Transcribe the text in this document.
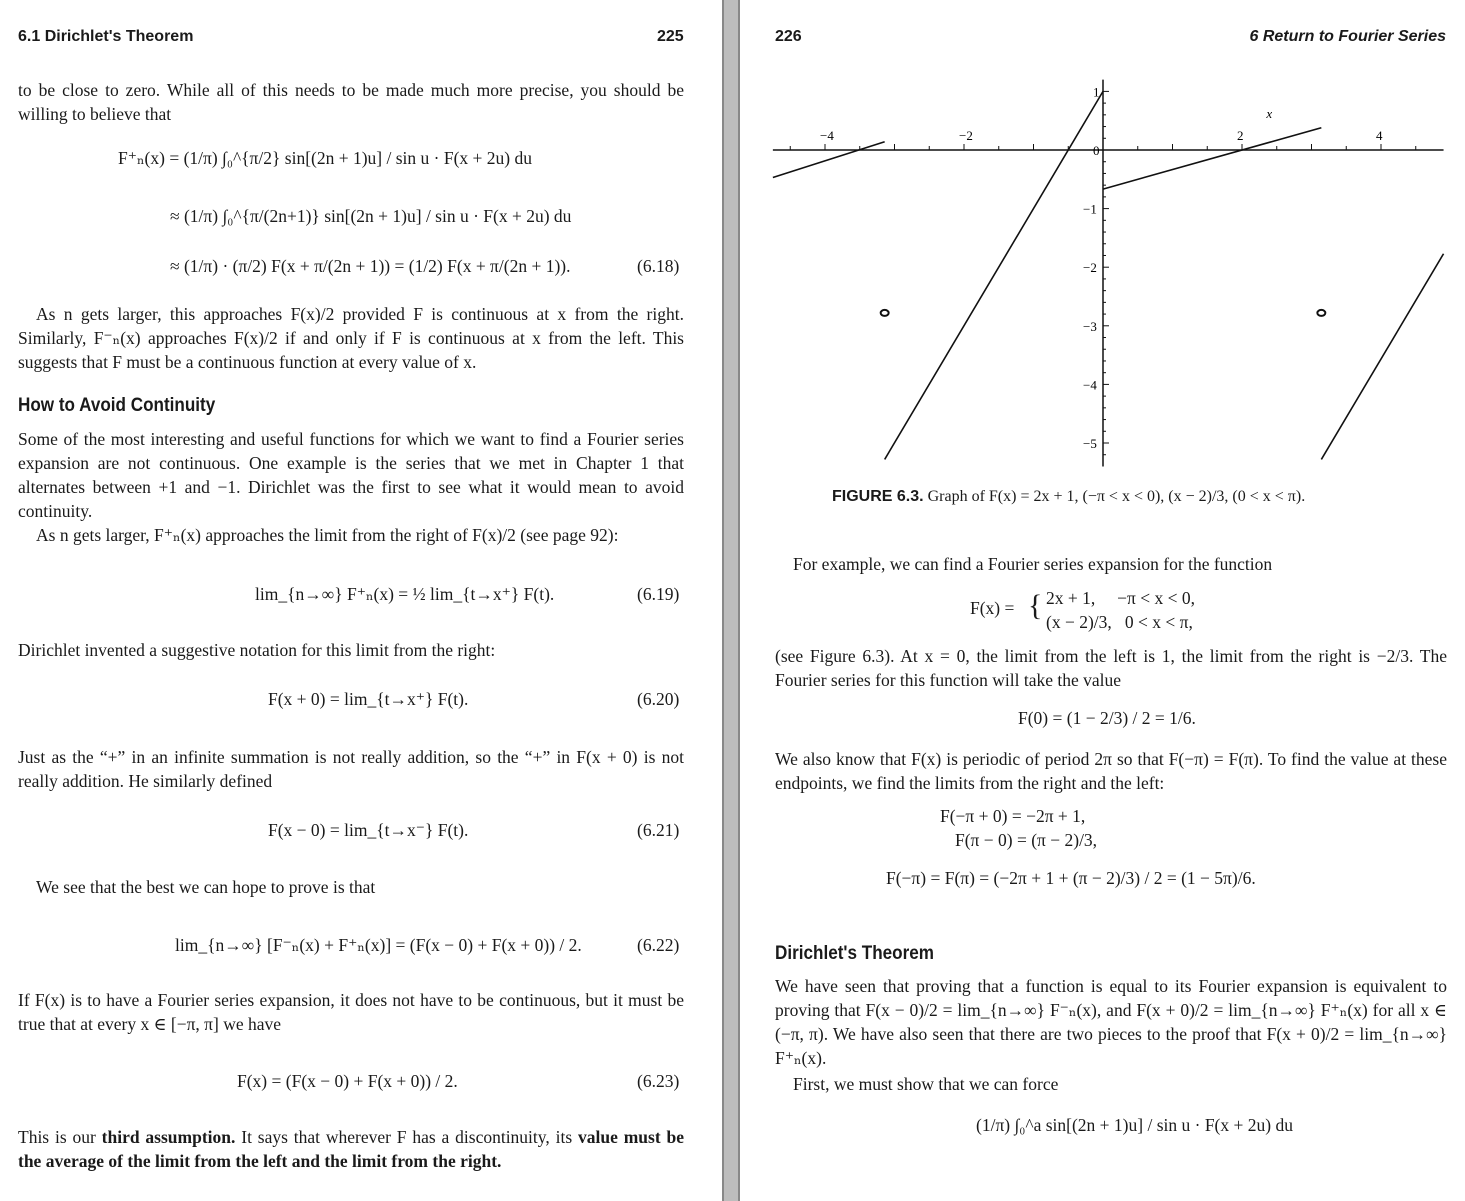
6.1 Dirichlet's Theorem	225
to be close to zero. While all of this needs to be made much more precise, you should be willing to believe that
F⁺ₙ(x) = (1/π) ∫₀^{π/2} sin[(2n + 1)u] / sin u · F(x + 2u) du
≈ (1/π) ∫₀^{π/(2n+1)} sin[(2n + 1)u] / sin u · F(x + 2u) du
≈ (1/π) · (π/2) F(x + π/(2n + 1)) = (1/2) F(x + π/(2n + 1)).	(6.18)
As n gets larger, this approaches F(x)/2 provided F is continuous at x from the right. Similarly, F⁻ₙ(x) approaches F(x)/2 if and only if F is continuous at x from the left. This suggests that F must be a continuous function at every value of x.
How to Avoid Continuity
Some of the most interesting and useful functions for which we want to find a Fourier series expansion are not continuous. One example is the series that we met in Chapter 1 that alternates between +1 and −1. Dirichlet was the first to see what it would mean to avoid continuity.
As n gets larger, F⁺ₙ(x) approaches the limit from the right of F(x)/2 (see page 92):
lim_{n→∞} F⁺ₙ(x) = ½ lim_{t→x⁺} F(t).	(6.19)
Dirichlet invented a suggestive notation for this limit from the right:
F(x + 0) = lim_{t→x⁺} F(t).	(6.20)
Just as the “+” in an infinite summation is not really addition, so the “+” in F(x + 0) is not really addition. He similarly defined
F(x − 0) = lim_{t→x⁻} F(t).	(6.21)
We see that the best we can hope to prove is that
lim_{n→∞} [F⁻ₙ(x) + F⁺ₙ(x)] = (F(x − 0) + F(x + 0)) / 2.	(6.22)
If F(x) is to have a Fourier series expansion, it does not have to be continuous, but it must be true that at every x ∈ [−π, π] we have
F(x) = (F(x − 0) + F(x + 0)) / 2.	(6.23)
This is our third assumption. It says that wherever F has a discontinuity, its value must be the average of the limit from the left and the limit from the right.
226	6 Return to Fourier Series
−4	−2	2	4
1
0
−1
−2
−3
−4
−5
x
FIGURE 6.3. Graph of F(x) = 2x + 1, (−π < x < 0), (x − 2)/3, (0 < x < π).
For example, we can find a Fourier series expansion for the function
F(x) = { 2x + 1,     −π < x < 0,
(x − 2)/3,   0 < x < π,
(see Figure 6.3). At x = 0, the limit from the left is 1, the limit from the right is −2/3. The Fourier series for this function will take the value
F(0) = (1 − 2/3) / 2 = 1/6.
We also know that F(x) is periodic of period 2π so that F(−π) = F(π). To find the value at these endpoints, we find the limits from the right and the left:
F(−π + 0) = −2π + 1,
F(π − 0) = (π − 2)/3,
F(−π) = F(π) = (−2π + 1 + (π − 2)/3) / 2 = (1 − 5π)/6.
Dirichlet's Theorem
We have seen that proving that a function is equal to its Fourier expansion is equivalent to proving that F(x − 0)/2 = lim_{n→∞} F⁻ₙ(x), and F(x + 0)/2 = lim_{n→∞} F⁺ₙ(x) for all x ∈ (−π, π). We have also seen that there are two pieces to the proof that F(x + 0)/2 = lim_{n→∞} F⁺ₙ(x).
First, we must show that we can force
(1/π) ∫₀^a sin[(2n + 1)u] / sin u · F(x + 2u) du
